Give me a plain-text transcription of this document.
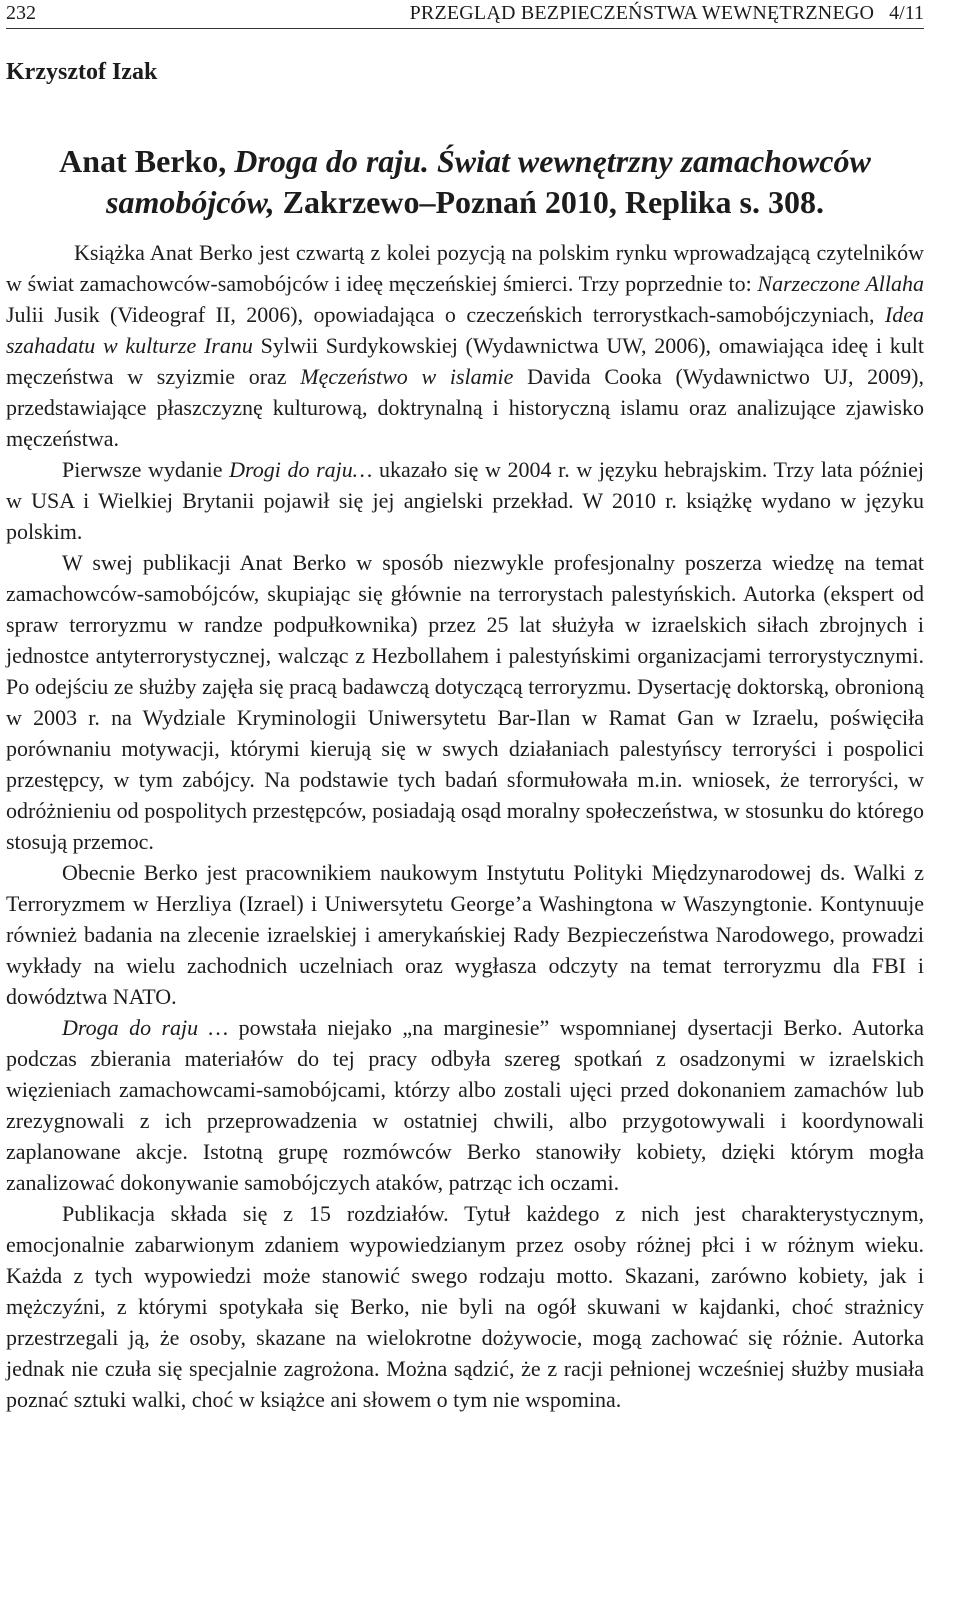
232	PRZEGLĄD BEZPIECZEŃSTWA WEWNĘTRZNEGO 4/11
Krzysztof Izak
Anat Berko, Droga do raju. Świat wewnętrzny zamachowców
samobójców, Zakrzewo–Poznań 2010, Replika s. 308.

Książka Anat Berko jest czwartą z kolei pozycją na polskim rynku wprowadzającą czytelników w świat zamachowców-samobójców i ideę męczeńskiej śmierci. Trzy poprzednie to: Narzeczone Allaha Julii Jusik (Videograf II, 2006), opowiadająca o czeczeńskich terrorystkach-samobójczyniach, Idea szahadatu w kulturze Iranu Sylwii Surdykowskiej (Wydawnictwa UW, 2006), omawiająca ideę i kult męczeństwa w szyizmie oraz Męczeństwo w islamie Davida Cooka (Wydawnictwo UJ, 2009), przedstawiające płaszczyznę kulturową, doktrynalną i historyczną islamu oraz analizujące zjawisko męczeństwa.

Pierwsze wydanie Drogi do raju… ukazało się w 2004 r. w języku hebrajskim. Trzy lata później w USA i Wielkiej Brytanii pojawił się jej angielski przekład. W 2010 r. książkę wydano w języku polskim.

W swej publikacji Anat Berko w sposób niezwykle profesjonalny poszerza wiedzę na temat zamachowców-samobójców, skupiając się głównie na terrorystach palestyńskich. Autorka (ekspert od spraw terroryzmu w randze podpułkownika) przez 25 lat służyła w izraelskich siłach zbrojnych i jednostce antyterrorystycznej, walcząc z Hezbollahem i palestyńskimi organizacjami terrorystycznymi. Po odejściu ze służby zajęła się pracą badawczą dotyczącą terroryzmu. Dysertację doktorską, obronioną w 2003 r. na Wydziale Kryminologii Uniwersytetu Bar-Ilan w Ramat Gan w Izraelu, poświęciła porównaniu motywacji, którymi kierują się w swych działaniach palestyńscy terroryści i pospolici przestępcy, w tym zabójcy. Na podstawie tych badań sformułowała m.in. wniosek, że terroryści, w odróżnieniu od pospolitych przestępców, posiadają osąd moralny społeczeństwa, w stosunku do którego stosują przemoc.

Obecnie Berko jest pracownikiem naukowym Instytutu Polityki Międzynarodowej ds. Walki z Terroryzmem w Herzliya (Izrael) i Uniwersytetu George’a Washingtona w Waszyngtonie. Kontynuuje również badania na zlecenie izraelskiej i amerykańskiej Rady Bezpieczeństwa Narodowego, prowadzi wykłady na wielu zachodnich uczelniach oraz wygłasza odczyty na temat terroryzmu dla FBI i dowództwa NATO.

Droga do raju … powstała niejako „na marginesie” wspomnianej dysertacji Berko. Autorka podczas zbierania materiałów do tej pracy odbyła szereg spotkań z osadzonymi w izraelskich więzieniach zamachowcami-samobójcami, którzy albo zostali ujęci przed dokonaniem zamachów lub zrezygnowali z ich przeprowadzenia w ostatniej chwili, albo przygotowywali i koordynowali zaplanowane akcje. Istotną grupę rozmówców Berko stanowiły kobiety, dzięki którym mogła zanalizować dokonywanie samobójczych ataków, patrząc ich oczami.

Publikacja składa się z 15 rozdziałów. Tytuł każdego z nich jest charakterystycznym, emocjonalnie zabarwionym zdaniem wypowiedzianym przez osoby różnej płci i w różnym wieku. Każda z tych wypowiedzi może stanowić swego rodzaju motto. Skazani, zarówno kobiety, jak i mężczyźni, z którymi spotykała się Berko, nie byli na ogół skuwani w kajdanki, choć strażnicy przestrzegali ją, że osoby, skazane na wielokrotne dożywocie, mogą zachować się różnie. Autorka jednak nie czuła się specjalnie zagrożona. Można sądzić, że z racji pełnionej wcześniej służby musiała poznać sztuki walki, choć w książce ani słowem o tym nie wspomina.
